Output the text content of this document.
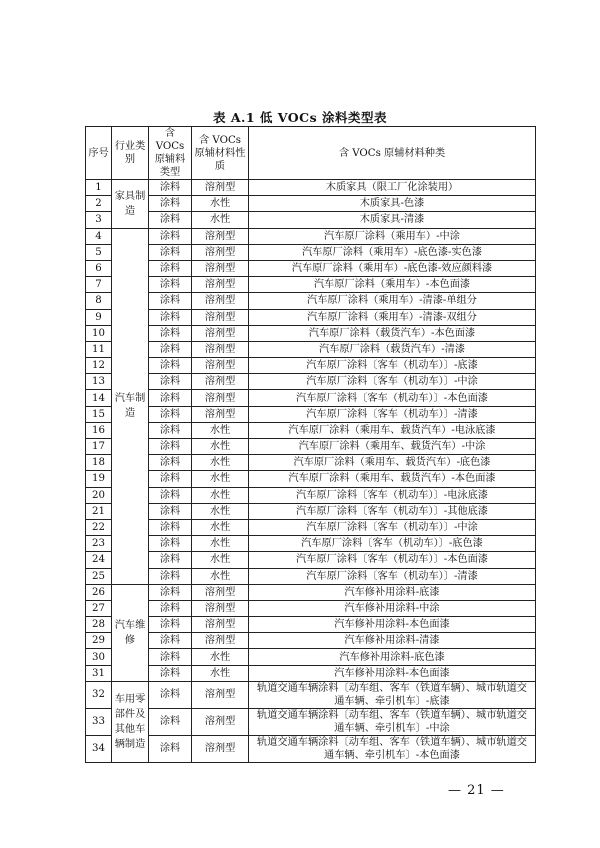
表 A.1 低 VOCs 涂料类型表
序号	行业类别	含 VOCs 原辅料类型	含 VOCs 原辅材料性质	含 VOCs 原辅材料种类
1	家具制造	涂料	溶剂型	木质家具（限工厂化涂装用）
2		涂料	水性	木质家具-色漆
3		涂料	水性	木质家具-清漆
4	汽车制造	涂料	溶剂型	汽车原厂涂料（乘用车）-中涂
5		涂料	溶剂型	汽车原厂涂料（乘用车）-底色漆-实色漆
6		涂料	溶剂型	汽车原厂涂料（乘用车）-底色漆-效应颜料漆
7		涂料	溶剂型	汽车原厂涂料（乘用车）-本色面漆
8		涂料	溶剂型	汽车原厂涂料（乘用车）-清漆-单组分
9		涂料	溶剂型	汽车原厂涂料（乘用车）-清漆-双组分
10		涂料	溶剂型	汽车原厂涂料（载货汽车）-本色面漆
11		涂料	溶剂型	汽车原厂涂料（载货汽车）-清漆
12		涂料	溶剂型	汽车原厂涂料〔客车（机动车）〕-底漆
13		涂料	溶剂型	汽车原厂涂料〔客车（机动车）〕-中涂
14		涂料	溶剂型	汽车原厂涂料〔客车（机动车）〕-本色面漆
15		涂料	溶剂型	汽车原厂涂料〔客车（机动车）〕-清漆
16		涂料	水性	汽车原厂涂料（乘用车、载货汽车）-电泳底漆
17		涂料	水性	汽车原厂涂料（乘用车、载货汽车）-中涂
18		涂料	水性	汽车原厂涂料（乘用车、载货汽车）-底色漆
19		涂料	水性	汽车原厂涂料（乘用车、载货汽车）-本色面漆
20		涂料	水性	汽车原厂涂料〔客车（机动车）〕-电泳底漆
21		涂料	水性	汽车原厂涂料〔客车（机动车）〕-其他底漆
22		涂料	水性	汽车原厂涂料〔客车（机动车）〕-中涂
23		涂料	水性	汽车原厂涂料〔客车（机动车）〕-底色漆
24		涂料	水性	汽车原厂涂料〔客车（机动车）〕-本色面漆
25		涂料	水性	汽车原厂涂料〔客车（机动车）〕-清漆
26	汽车维修	涂料	溶剂型	汽车修补用涂料-底漆
27		涂料	溶剂型	汽车修补用涂料-中涂
28		涂料	溶剂型	汽车修补用涂料-本色面漆
29		涂料	溶剂型	汽车修补用涂料-清漆
30		涂料	水性	汽车修补用涂料-底色漆
31		涂料	水性	汽车修补用涂料-本色面漆
32	车用零部件及其他车辆制造	涂料	溶剂型	轨道交通车辆涂料〔动车组、客车（铁道车辆）、城市轨道交通车辆、牵引机车〕-底漆
33		涂料	溶剂型	轨道交通车辆涂料〔动车组、客车（铁道车辆）、城市轨道交通车辆、牵引机车〕-中涂
34		涂料	溶剂型	轨道交通车辆涂料〔动车组、客车（铁道车辆）、城市轨道交通车辆、牵引机车〕-本色面漆
— 21 —
